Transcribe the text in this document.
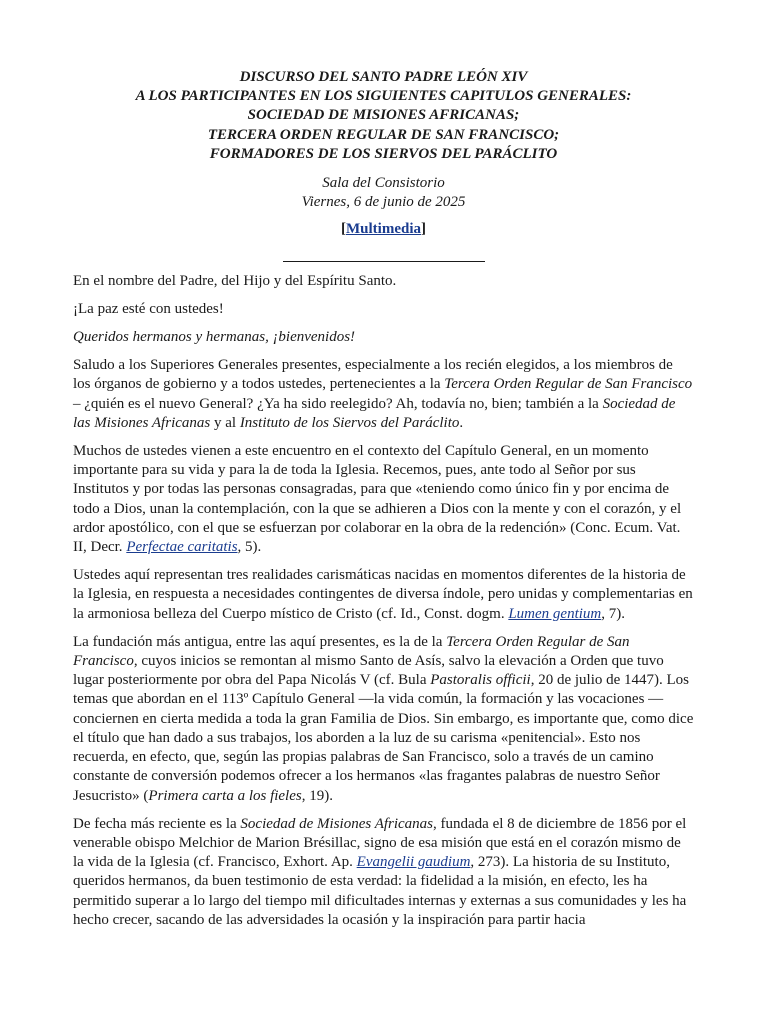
DISCURSO DEL SANTO PADRE LEÓN XIV
A LOS PARTICIPANTES EN LOS SIGUIENTES CAPITULOS GENERALES:
SOCIEDAD DE MISIONES AFRICANAS;
TERCERA ORDEN REGULAR DE SAN FRANCISCO;
FORMADORES DE LOS SIERVOS DEL PARÁCLITO
Sala del Consistorio
Viernes, 6 de junio de 2025
[Multimedia]

En el nombre del Padre, del Hijo y del Espíritu Santo.

¡La paz esté con ustedes!

Queridos hermanos y hermanas, ¡bienvenidos!

Saludo a los Superiores Generales presentes, especialmente a los recién elegidos, a los miembros de los órganos de gobierno y a todos ustedes, pertenecientes a la Tercera Orden Regular de San Francisco – ¿quién es el nuevo General? ¿Ya ha sido reelegido? Ah, todavía no, bien; también a la Sociedad de las Misiones Africanas y al Instituto de los Siervos del Paráclito.

Muchos de ustedes vienen a este encuentro en el contexto del Capítulo General, en un momento importante para su vida y para la de toda la Iglesia. Recemos, pues, ante todo al Señor por sus Institutos y por todas las personas consagradas, para que «teniendo como único fin y por encima de todo a Dios, unan la contemplación, con la que se adhieren a Dios con la mente y con el corazón, y el ardor apostólico, con el que se esfuerzan por colaborar en la obra de la redención» (Conc. Ecum. Vat. II, Decr. Perfectae caritatis, 5).

Ustedes aquí representan tres realidades carismáticas nacidas en momentos diferentes de la historia de la Iglesia, en respuesta a necesidades contingentes de diversa índole, pero unidas y complementarias en la armoniosa belleza del Cuerpo místico de Cristo (cf. Id., Const. dogm. Lumen gentium, 7).

La fundación más antigua, entre las aquí presentes, es la de la Tercera Orden Regular de San Francisco, cuyos inicios se remontan al mismo Santo de Asís, salvo la elevación a Orden que tuvo lugar posteriormente por obra del Papa Nicolás V (cf. Bula Pastoralis officii, 20 de julio de 1447). Los temas que abordan en el 113º Capítulo General —la vida común, la formación y las vocaciones — conciernen en cierta medida a toda la gran Familia de Dios. Sin embargo, es importante que, como dice el título que han dado a sus trabajos, los aborden a la luz de su carisma «penitencial». Esto nos recuerda, en efecto, que, según las propias palabras de San Francisco, solo a través de un camino constante de conversión podemos ofrecer a los hermanos «las fragantes palabras de nuestro Señor Jesucristo» (Primera carta a los fieles, 19).

De fecha más reciente es la Sociedad de Misiones Africanas, fundada el 8 de diciembre de 1856 por el venerable obispo Melchior de Marion Brésillac, signo de esa misión que está en el corazón mismo de la vida de la Iglesia (cf. Francisco, Exhort. Ap. Evangelii gaudium, 273). La historia de su Instituto, queridos hermanos, da buen testimonio de esta verdad: la fidelidad a la misión, en efecto, les ha permitido superar a lo largo del tiempo mil dificultades internas y externas a sus comunidades y les ha hecho crecer, sacando de las adversidades la ocasión y la inspiración para partir hacia
